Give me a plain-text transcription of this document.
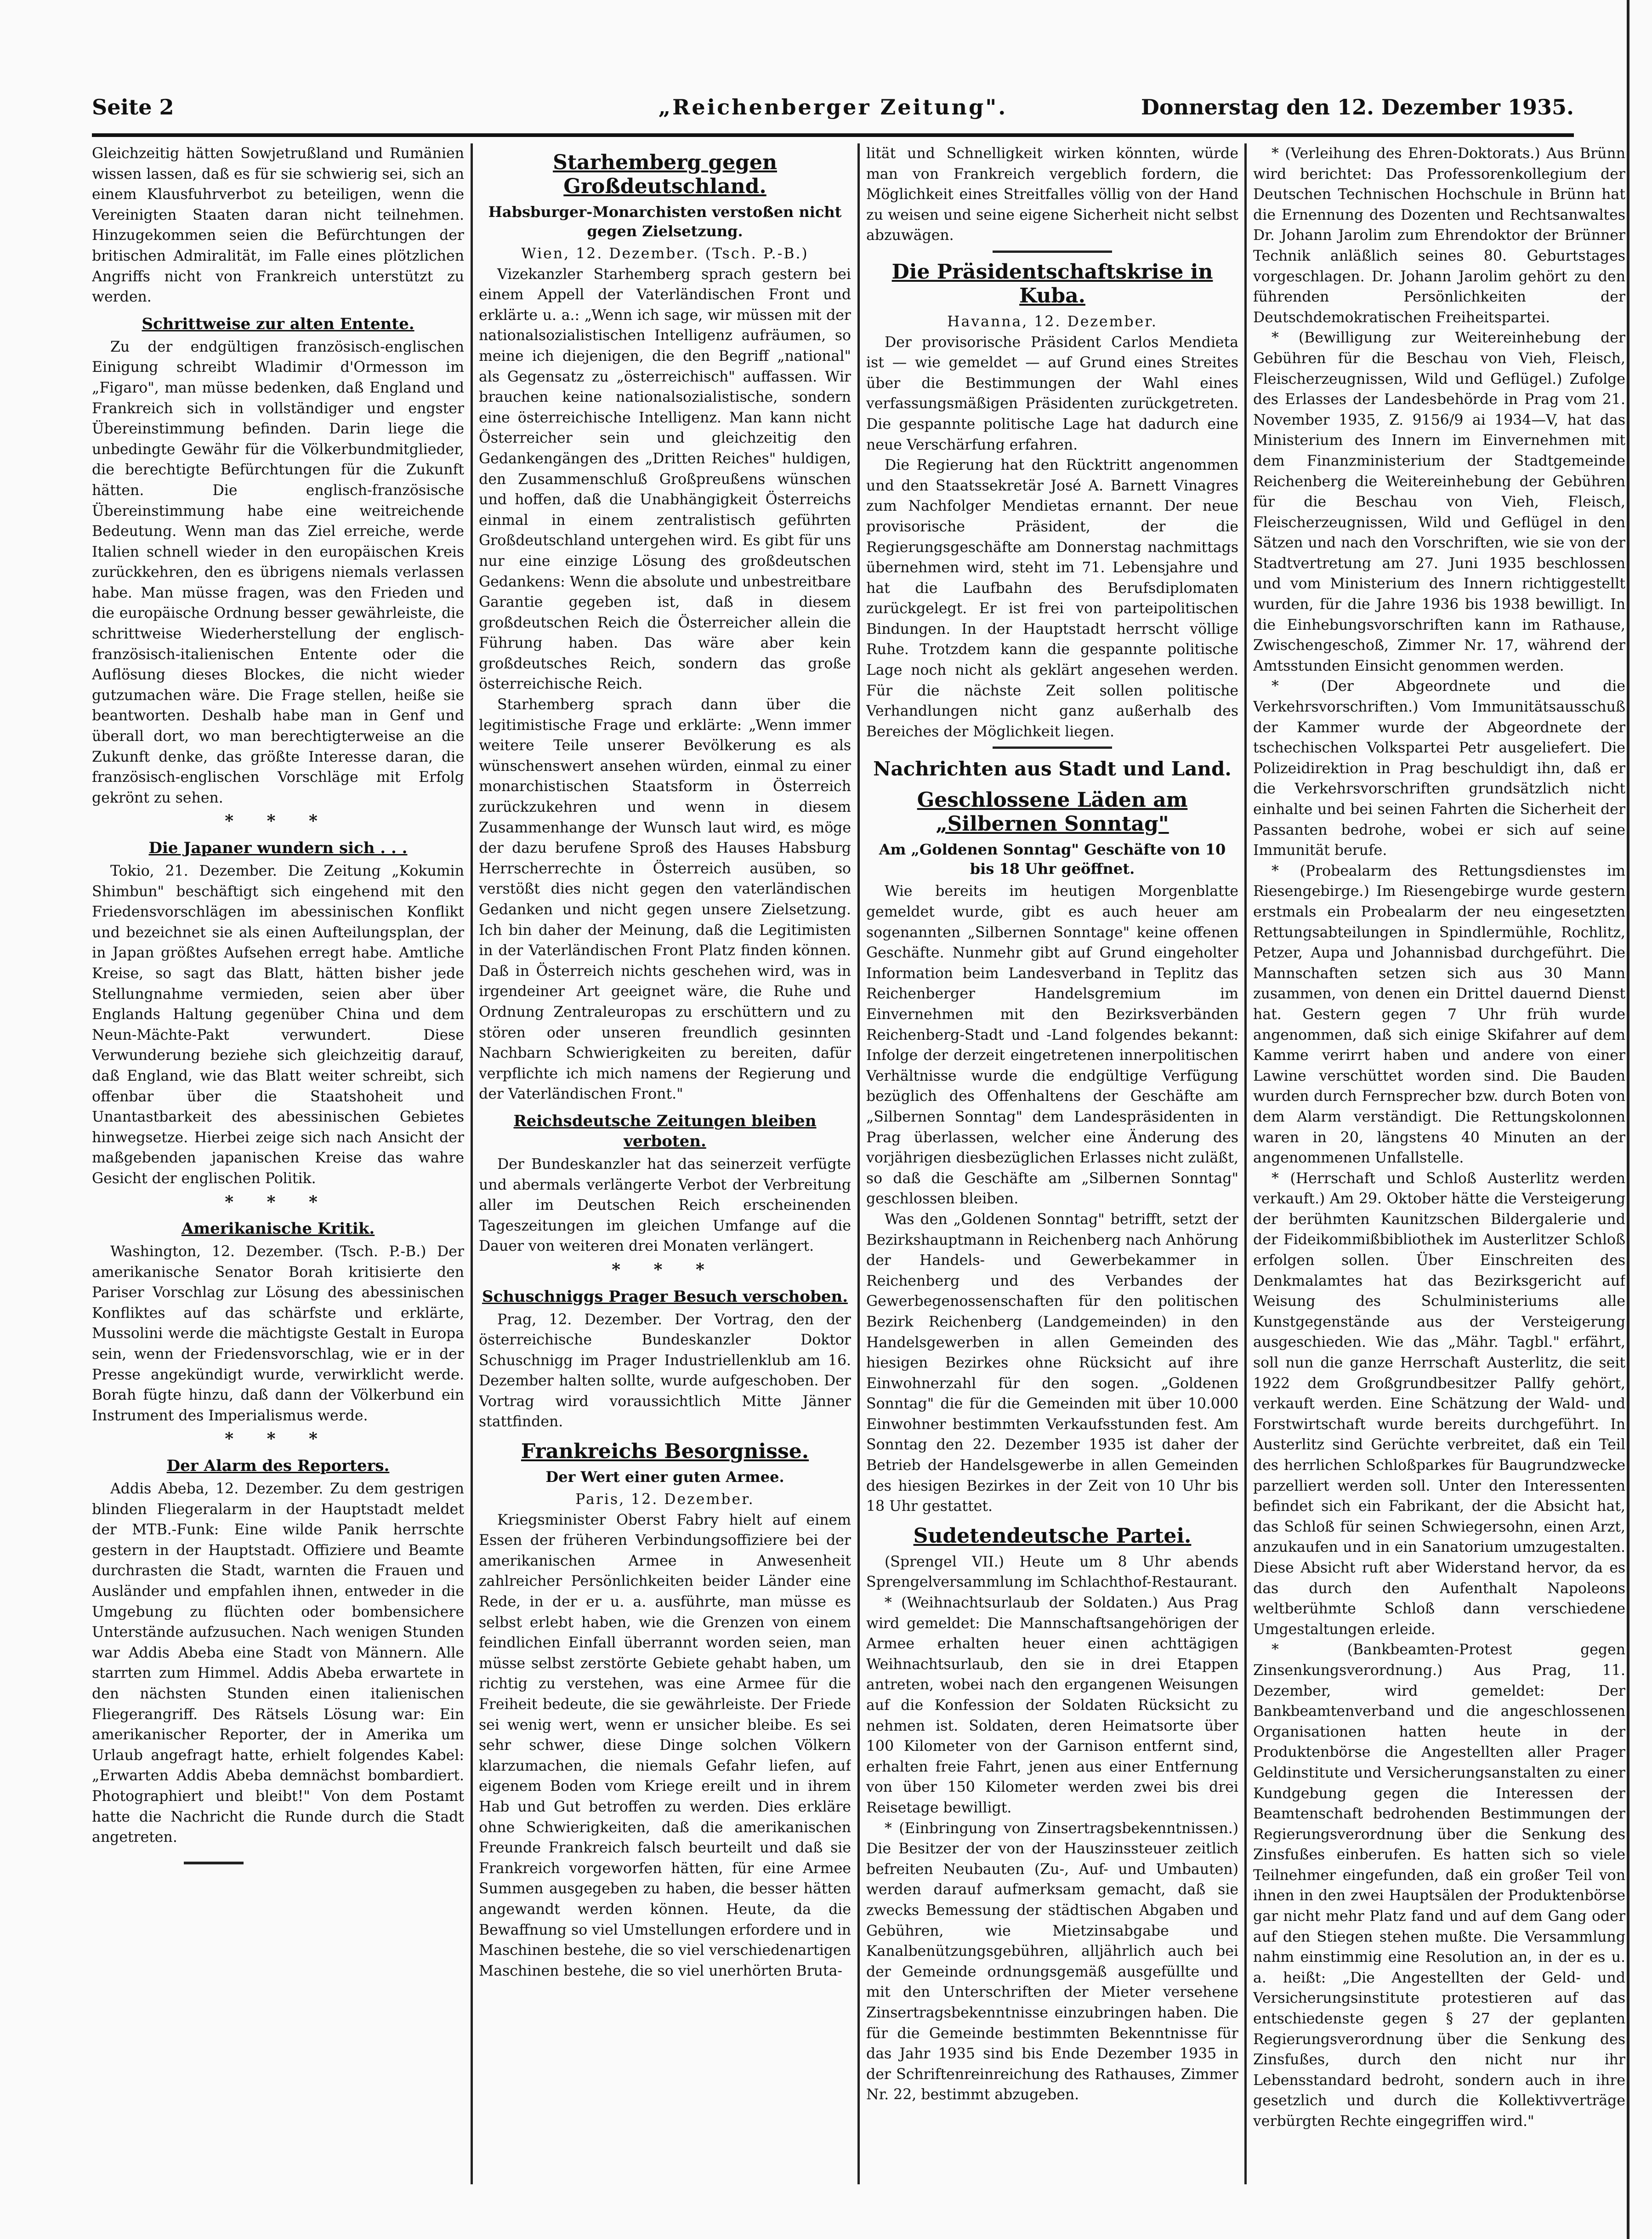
Seite 2	„Reichenberger Zeitung".	Donnerstag den 12. Dezember 1935.

Gleichzeitig hätten Sowjetrußland und Rumänien wissen lassen, daß es für sie schwierig sei, sich an einem Klausfuhrverbot zu beteiligen, wenn die Vereinigten Staaten daran nicht teilnehmen. Hinzugekommen seien die Befürchtungen der britischen Admiralität, im Falle eines plötzlichen Angriffs nicht von Frankreich unterstützt zu werden.

Schrittweise zur alten Entente.

Zu der endgültigen französisch-englischen Einigung schreibt Wladimir d'Ormesson im „Figaro", man müsse bedenken, daß England und Frankreich sich in vollständiger und engster Übereinstimmung befinden. Darin liege die unbedingte Gewähr für die Völkerbundmitglieder, die berechtigte Befürchtungen für die Zukunft hätten. Die englisch-französische Übereinstimmung habe eine weitreichende Bedeutung. Wenn man das Ziel erreiche, werde Italien schnell wieder in den europäischen Kreis zurückkehren, den es übrigens niemals verlassen habe. Man müsse fragen, was den Frieden und die europäische Ordnung besser gewährleiste, die schrittweise Wiederherstellung der englisch-französisch-italienischen Entente oder die Auflösung dieses Blockes, die nicht wieder gutzumachen wäre. Die Frage stellen, heiße sie beantworten. Deshalb habe man in Genf und überall dort, wo man berechtigterweise an die Zukunft denke, das größte Interesse daran, die französisch-englischen Vorschläge mit Erfolg gekrönt zu sehen.

* * *

Die Japaner wundern sich . . .

Tokio, 21. Dezember. Die Zeitung „Kokumin Shimbun" beschäftigt sich eingehend mit den Friedensvorschlägen im abessinischen Konflikt und bezeichnet sie als einen Aufteilungsplan, der in Japan größtes Aufsehen erregt habe. Amtliche Kreise, so sagt das Blatt, hätten bisher jede Stellungnahme vermieden, seien aber über Englands Haltung gegenüber China und dem Neun-Mächte-Pakt verwundert. Diese Verwunderung beziehe sich gleichzeitig darauf, daß England, wie das Blatt weiter schreibt, sich offenbar über die Staatshoheit und Unantastbarkeit des abessinischen Gebietes hinwegsetze. Hierbei zeige sich nach Ansicht der maßgebenden japanischen Kreise das wahre Gesicht der englischen Politik.

* * *

Amerikanische Kritik.

Washington, 12. Dezember. (Tsch. P.-B.) Der amerikanische Senator Borah kritisierte den Pariser Vorschlag zur Lösung des abessinischen Konfliktes auf das schärfste und erklärte, Mussolini werde die mächtigste Gestalt in Europa sein, wenn der Friedensvorschlag, wie er in der Presse angekündigt wurde, verwirklicht werde. Borah fügte hinzu, daß dann der Völkerbund ein Instrument des Imperialismus werde.

* * *

Der Alarm des Reporters.

Addis Abeba, 12. Dezember. Zu dem gestrigen blinden Fliegeralarm in der Hauptstadt meldet der MTB.-Funk: Eine wilde Panik herrschte gestern in der Hauptstadt. Offiziere und Beamte durchrasten die Stadt, warnten die Frauen und Ausländer und empfahlen ihnen, entweder in die Umgebung zu flüchten oder bombensichere Unterstände aufzusuchen. Nach wenigen Stunden war Addis Abeba eine Stadt von Männern. Alle starrten zum Himmel. Addis Abeba erwartete in den nächsten Stunden einen italienischen Fliegerangriff. Des Rätsels Lösung war: Ein amerikanischer Reporter, der in Amerika um Urlaub angefragt hatte, erhielt folgendes Kabel: „Erwarten Addis Abeba demnächst bombardiert. Photographiert und bleibt!" Von dem Postamt hatte die Nachricht die Runde durch die Stadt angetreten.

Starhemberg gegen Großdeutschland.

Habsburger-Monarchisten verstoßen nicht gegen Zielsetzung.

Wien, 12. Dezember. (Tsch. P.-B.)

Vizekanzler Starhemberg sprach gestern bei einem Appell der Vaterländischen Front und erklärte u. a.: „Wenn ich sage, wir müssen mit der nationalsozialistischen Intelligenz aufräumen, so meine ich diejenigen, die den Begriff „national" als Gegensatz zu „österreichisch" auffassen. Wir brauchen keine nationalsozialistische, sondern eine österreichische Intelligenz. Man kann nicht Österreicher sein und gleichzeitig den Gedankengängen des „Dritten Reiches" huldigen, den Zusammenschluß Großpreußens wünschen und hoffen, daß die Unabhängigkeit Österreichs einmal in einem zentralistisch geführten Großdeutschland untergehen wird. Es gibt für uns nur eine einzige Lösung des großdeutschen Gedankens: Wenn die absolute und unbestreitbare Garantie gegeben ist, daß in diesem großdeutschen Reich die Österreicher allein die Führung haben. Das wäre aber kein großdeutsches Reich, sondern das große österreichische Reich.

Starhemberg sprach dann über die legitimistische Frage und erklärte: „Wenn immer weitere Teile unserer Bevölkerung es als wünschenswert ansehen würden, einmal zu einer monarchistischen Staatsform in Österreich zurückzukehren und wenn in diesem Zusammenhange der Wunsch laut wird, es möge der dazu berufene Sproß des Hauses Habsburg Herrscherrechte in Österreich ausüben, so verstößt dies nicht gegen den vaterländischen Gedanken und nicht gegen unsere Zielsetzung. Ich bin daher der Meinung, daß die Legitimisten in der Vaterländischen Front Platz finden können. Daß in Österreich nichts geschehen wird, was in irgendeiner Art geeignet wäre, die Ruhe und Ordnung Zentraleuropas zu erschüttern und zu stören oder unseren freundlich gesinnten Nachbarn Schwierigkeiten zu bereiten, dafür verpflichte ich mich namens der Regierung und der Vaterländischen Front."

Reichsdeutsche Zeitungen bleiben verboten.

Der Bundeskanzler hat das seinerzeit verfügte und abermals verlängerte Verbot der Verbreitung aller im Deutschen Reich erscheinenden Tageszeitungen im gleichen Umfange auf die Dauer von weiteren drei Monaten verlängert.

* * *

Schuschniggs Prager Besuch verschoben.

Prag, 12. Dezember. Der Vortrag, den der österreichische Bundeskanzler Doktor Schuschnigg im Prager Industriellenklub am 16. Dezember halten sollte, wurde aufgeschoben. Der Vortrag wird voraussichtlich Mitte Jänner stattfinden.

Frankreichs Besorgnisse.

Der Wert einer guten Armee.

Paris, 12. Dezember.

Kriegsminister Oberst Fabry hielt auf einem Essen der früheren Verbindungsoffiziere bei der amerikanischen Armee in Anwesenheit zahlreicher Persönlichkeiten beider Länder eine Rede, in der er u. a. ausführte, man müsse es selbst erlebt haben, wie die Grenzen von einem feindlichen Einfall überrannt worden seien, man müsse selbst zerstörte Gebiete gehabt haben, um richtig zu verstehen, was eine Armee für die Freiheit bedeute, die sie gewährleiste. Der Friede sei wenig wert, wenn er unsicher bleibe. Es sei sehr schwer, diese Dinge solchen Völkern klarzumachen, die niemals Gefahr liefen, auf eigenem Boden vom Kriege ereilt und in ihrem Hab und Gut betroffen zu werden. Dies erkläre ohne Schwierigkeiten, daß die amerikanischen Freunde Frankreich falsch beurteilt und daß sie Frankreich vorgeworfen hätten, für eine Armee Summen ausgegeben zu haben, die besser hätten angewandt werden können. Heute, da die Bewaffnung so viel Umstellungen erfordere und in Maschinen bestehe, die so viel verschiedenartigen Maschinen bestehe, die so viel unerhörten Bruta-

lität und Schnelligkeit wirken könnten, würde man von Frankreich vergeblich fordern, die Möglichkeit eines Streitfalles völlig von der Hand zu weisen und seine eigene Sicherheit nicht selbst abzuwägen.

Die Präsidentschaftskrise in Kuba.

Havanna, 12. Dezember.

Der provisorische Präsident Carlos Mendieta ist — wie gemeldet — auf Grund eines Streites über die Bestimmungen der Wahl eines verfassungsmäßigen Präsidenten zurückgetreten. Die gespannte politische Lage hat dadurch eine neue Verschärfung erfahren.

Die Regierung hat den Rücktritt angenommen und den Staatssekretär José A. Barnett Vinagres zum Nachfolger Mendietas ernannt. Der neue provisorische Präsident, der die Regierungsgeschäfte am Donnerstag nachmittags übernehmen wird, steht im 71. Lebensjahre und hat die Laufbahn des Berufsdiplomaten zurückgelegt. Er ist frei von parteipolitischen Bindungen. In der Hauptstadt herrscht völlige Ruhe. Trotzdem kann die gespannte politische Lage noch nicht als geklärt angesehen werden. Für die nächste Zeit sollen politische Verhandlungen nicht ganz außerhalb des Bereiches der Möglichkeit liegen.

Nachrichten aus Stadt und Land.

Geschlossene Läden am „Silbernen Sonntag"

Am „Goldenen Sonntag" Geschäfte von 10 bis 18 Uhr geöffnet.

Wie bereits im heutigen Morgenblatte gemeldet wurde, gibt es auch heuer am sogenannten „Silbernen Sonntage" keine offenen Geschäfte. Nunmehr gibt auf Grund eingeholter Information beim Landesverband in Teplitz das Reichenberger Handelsgremium im Einvernehmen mit den Bezirksverbänden Reichenberg-Stadt und -Land folgendes bekannt: Infolge der derzeit eingetretenen innerpolitischen Verhältnisse wurde die endgültige Verfügung bezüglich des Offenhaltens der Geschäfte am „Silbernen Sonntag" dem Landespräsidenten in Prag überlassen, welcher eine Änderung des vorjährigen diesbezüglichen Erlasses nicht zuläßt, so daß die Geschäfte am „Silbernen Sonntag" geschlossen bleiben.

Was den „Goldenen Sonntag" betrifft, setzt der Bezirkshauptmann in Reichenberg nach Anhörung der Handels- und Gewerbekammer in Reichenberg und des Verbandes der Gewerbegenossenschaften für den politischen Bezirk Reichenberg (Landgemeinden) in den Handelsgewerben in allen Gemeinden des hiesigen Bezirkes ohne Rücksicht auf ihre Einwohnerzahl für den sogen. „Goldenen Sonntag" die für die Gemeinden mit über 10.000 Einwohner bestimmten Verkaufsstunden fest. Am Sonntag den 22. Dezember 1935 ist daher der Betrieb der Handelsgewerbe in allen Gemeinden des hiesigen Bezirkes in der Zeit von 10 Uhr bis 18 Uhr gestattet.

Sudetendeutsche Partei.

(Sprengel VII.) Heute um 8 Uhr abends Sprengelversammlung im Schlachthof-Restaurant.

* (Weihnachtsurlaub der Soldaten.) Aus Prag wird gemeldet: Die Mannschaftsangehörigen der Armee erhalten heuer einen achttägigen Weihnachtsurlaub, den sie in drei Etappen antreten, wobei nach den ergangenen Weisungen auf die Konfession der Soldaten Rücksicht zu nehmen ist. Soldaten, deren Heimatsorte über 100 Kilometer von der Garnison entfernt sind, erhalten freie Fahrt, jenen aus einer Entfernung von über 150 Kilometer werden zwei bis drei Reisetage bewilligt.

* (Einbringung von Zinsertragsbekenntnissen.) Die Besitzer der von der Hauszinssteuer zeitlich befreiten Neubauten (Zu-, Auf- und Umbauten) werden darauf aufmerksam gemacht, daß sie zwecks Bemessung der städtischen Abgaben und Gebühren, wie Mietzinsabgabe und Kanalbenützungsgebühren, alljährlich auch bei der Gemeinde ordnungsgemäß ausgefüllte und mit den Unterschriften der Mieter versehene Zinsertragsbekenntnisse einzubringen haben. Die für die Gemeinde bestimmten Bekenntnisse für das Jahr 1935 sind bis Ende Dezember 1935 in der Schriftenreinreichung des Rathauses, Zimmer Nr. 22, bestimmt abzugeben.

* (Verleihung des Ehren-Doktorats.) Aus Brünn wird berichtet: Das Professorenkollegium der Deutschen Technischen Hochschule in Brünn hat die Ernennung des Dozenten und Rechtsanwaltes Dr. Johann Jarolim zum Ehrendoktor der Brünner Technik anläßlich seines 80. Geburtstages vorgeschlagen. Dr. Johann Jarolim gehört zu den führenden Persönlichkeiten der Deutschdemokratischen Freiheitspartei.

* (Bewilligung zur Weitereinhebung der Gebühren für die Beschau von Vieh, Fleisch, Fleischerzeugnissen, Wild und Geflügel.) Zufolge des Erlasses der Landesbehörde in Prag vom 21. November 1935, Z. 9156/9 ai 1934—V, hat das Ministerium des Innern im Einvernehmen mit dem Finanzministerium der Stadtgemeinde Reichenberg die Weitereinhebung der Gebühren für die Beschau von Vieh, Fleisch, Fleischerzeugnissen, Wild und Geflügel in den Sätzen und nach den Vorschriften, wie sie von der Stadtvertretung am 27. Juni 1935 beschlossen und vom Ministerium des Innern richtiggestellt wurden, für die Jahre 1936 bis 1938 bewilligt. In die Einhebungsvorschriften kann im Rathause, Zwischengeschoß, Zimmer Nr. 17, während der Amtsstunden Einsicht genommen werden.

* (Der Abgeordnete und die Verkehrsvorschriften.) Vom Immunitätsausschuß der Kammer wurde der Abgeordnete der tschechischen Volkspartei Petr ausgeliefert. Die Polizeidirektion in Prag beschuldigt ihn, daß er die Verkehrsvorschriften grundsätzlich nicht einhalte und bei seinen Fahrten die Sicherheit der Passanten bedrohe, wobei er sich auf seine Immunität berufe.

* (Probealarm des Rettungsdienstes im Riesengebirge.) Im Riesengebirge wurde gestern erstmals ein Probealarm der neu eingesetzten Rettungsabteilungen in Spindlermühle, Rochlitz, Petzer, Aupa und Johannisbad durchgeführt. Die Mannschaften setzen sich aus 30 Mann zusammen, von denen ein Drittel dauernd Dienst hat. Gestern gegen 7 Uhr früh wurde angenommen, daß sich einige Skifahrer auf dem Kamme verirrt haben und andere von einer Lawine verschüttet worden sind. Die Bauden wurden durch Fernsprecher bzw. durch Boten von dem Alarm verständigt. Die Rettungskolonnen waren in 20, längstens 40 Minuten an der angenommenen Unfallstelle.

* (Herrschaft und Schloß Austerlitz werden verkauft.) Am 29. Oktober hätte die Versteigerung der berühmten Kaunitzschen Bildergalerie und der Fideikommißbibliothek im Austerlitzer Schloß erfolgen sollen. Über Einschreiten des Denkmalamtes hat das Bezirksgericht auf Weisung des Schulministeriums alle Kunstgegenstände aus der Versteigerung ausgeschieden. Wie das „Mähr. Tagbl." erfährt, soll nun die ganze Herrschaft Austerlitz, die seit 1922 dem Großgrundbesitzer Pallfy gehört, verkauft werden. Eine Schätzung der Wald- und Forstwirtschaft wurde bereits durchgeführt. In Austerlitz sind Gerüchte verbreitet, daß ein Teil des herrlichen Schloßparkes für Baugrundzwecke parzelliert werden soll. Unter den Interessenten befindet sich ein Fabrikant, der die Absicht hat, das Schloß für seinen Schwiegersohn, einen Arzt, anzukaufen und in ein Sanatorium umzugestalten. Diese Absicht ruft aber Widerstand hervor, da es das durch den Aufenthalt Napoleons weltberühmte Schloß dann verschiedene Umgestaltungen erleide.

* (Bankbeamten-Protest gegen Zinsenkungsverordnung.) Aus Prag, 11. Dezember, wird gemeldet: Der Bankbeamtenverband und die angeschlossenen Organisationen hatten heute in der Produktenbörse die Angestellten aller Prager Geldinstitute und Versicherungsanstalten zu einer Kundgebung gegen die Interessen der Beamtenschaft bedrohenden Bestimmungen der Regierungsverordnung über die Senkung des Zinsfußes einberufen. Es hatten sich so viele Teilnehmer eingefunden, daß ein großer Teil von ihnen in den zwei Hauptsälen der Produktenbörse gar nicht mehr Platz fand und auf dem Gang oder auf den Stiegen stehen mußte. Die Versammlung nahm einstimmig eine Resolution an, in der es u. a. heißt: „Die Angestellten der Geld- und Versicherungsinstitute protestieren auf das entschiedenste gegen § 27 der geplanten Regierungsverordnung über die Senkung des Zinsfußes, durch den nicht nur ihr Lebensstandard bedroht, sondern auch in ihre gesetzlich und durch die Kollektivverträge verbürgten Rechte eingegriffen wird."
